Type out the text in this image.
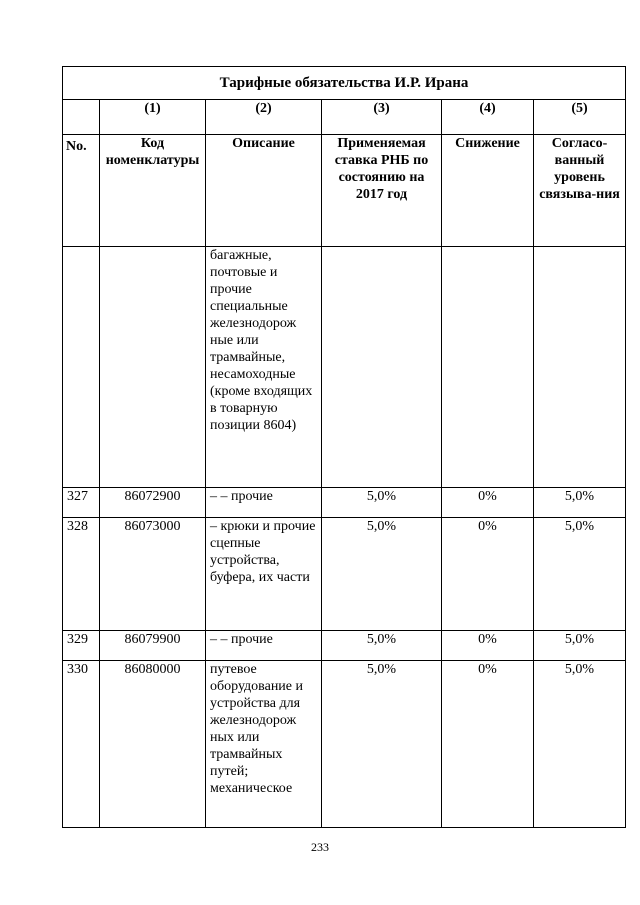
Тарифные обязательства И.Р. Ирана					
	(1)	(2)	(3)	(4)	(5)
No.	Код номенклатуры	Описание	Применяемая ставка РНБ по состоянию на 2017 год	Снижение	Согласо-ванный уровень связыва-ния
		багажные, почтовые и прочие специальные железнодорож ные или трамвайные, несамоходные (кроме входящих в товарную позиции 8604)			
327	86072900	– – прочие	5,0%	0%	5,0%
328	86073000	– крюки и прочие сцепные устройства, буфера, их части	5,0%	0%	5,0%
329	86079900	– – прочие	5,0%	0%	5,0%
330	86080000	путевое оборудование и устройства для железнодорож ных или трамвайных путей; механическое	5,0%	0%	5,0%
233
